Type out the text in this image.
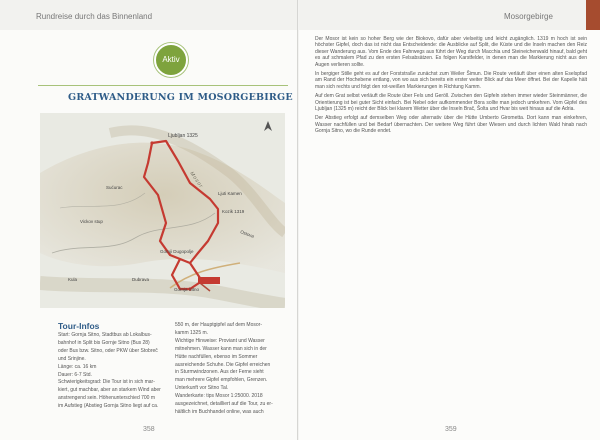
Rundreise durch das Binnenland
Aktiv
GRATWANDERUNG IM MOSORGEBIRGE
Ljubljan 1325
Sućurac
Ljuti Kamen
Kozik 1319
Vickov stup
Gornja Sitno
Kula	Dubrava
Gornji Dugopolje
Ostova
Mosor
Tour-Infos

Start: Gornja Sitno, Stadtbus ab Lokalbus-

bahnhof in Split bis Gornje Sitno (Bus 28)

oder Bus bzw. Sitno, oder PKW über Stobreč

und Srinjine.

Länge: ca. 16 km

Dauer: 6-7 Std.

Schwierigkeitsgrad: Die Tour ist in sich mar-

kiert, gut machbar, aber an starkem Wind aber

anstrengend sein. Höhenunterschied 700 m

im Aufstieg (Abstieg Gornja Sitno liegt auf ca.

550 m, der Hauptgipfel auf dem Mosor-

kamm 1325 m.

Wichtige Hinweise: Proviant und Wasser

mitnehmen. Wasser kann man sich in der

Hütte nachfüllen, ebenso im Sommer

ausreichende Schuhe. Die Gipfel erreichen

in Sturmwindzonen. Aus der Ferne sieht

man mehrere Gipfel empfohlen, Grenzen.

Unterkunft vor Sitno Tal.

Wanderkarte: tips Mosor 1:25000. 2018

ausgezeichnet, detailliert auf die Tour, zu er-

hältlich im Buchhandel online, was auch

358
Mosorgebirge

Der Mosor ist kein so hoher Berg wie der Biokovo, dafür aber vielseitig und leicht zugänglich. 1319 m hoch ist sein höchster Gipfel, doch das ist nicht das Entscheidende: die Ausblicke auf Split, die Küste und die Inseln machen den Reiz dieser Wanderung aus. Vom Ende des Fahrwegs aus führt der Weg durch Macchia und Steineichenwald hinauf, bald geht es auf schmalem Pfad zu den ersten Felsabsätzen. Es folgen Karstfelder, in denen man die Markierung nicht aus den Augen verlieren sollte.

In bergiger Stille geht es auf der Forststraße zunächst zum Weiler Šimun. Die Route verläuft über einen alten Eselspfad am Rand der Hochebene entlang, von wo aus sich bereits ein erster weiter Blick auf das Meer öffnet. Bei der Kapelle hält man sich rechts und folgt den rot-weißen Markierungen in Richtung Kamm.

Auf dem Grat selbst verläuft die Route über Fels und Geröll. Zwischen den Gipfeln stehen immer wieder Steinmänner, die Orientierung ist bei guter Sicht einfach. Bei Nebel oder aufkommender Bora sollte man jedoch umkehren. Vom Gipfel des Ljubljan (1325 m) reicht der Blick bei klarem Wetter über die Inseln Brač, Šolta und Hvar bis weit hinaus auf die Adria.

Der Abstieg erfolgt auf demselben Weg oder alternativ über die Hütte Umberto Girometta. Dort kann man einkehren, Wasser nachfüllen und bei Bedarf übernachten. Der weitere Weg führt über Wiesen und durch lichten Wald hinab nach Gornja Sitno, wo die Runde endet.

359
